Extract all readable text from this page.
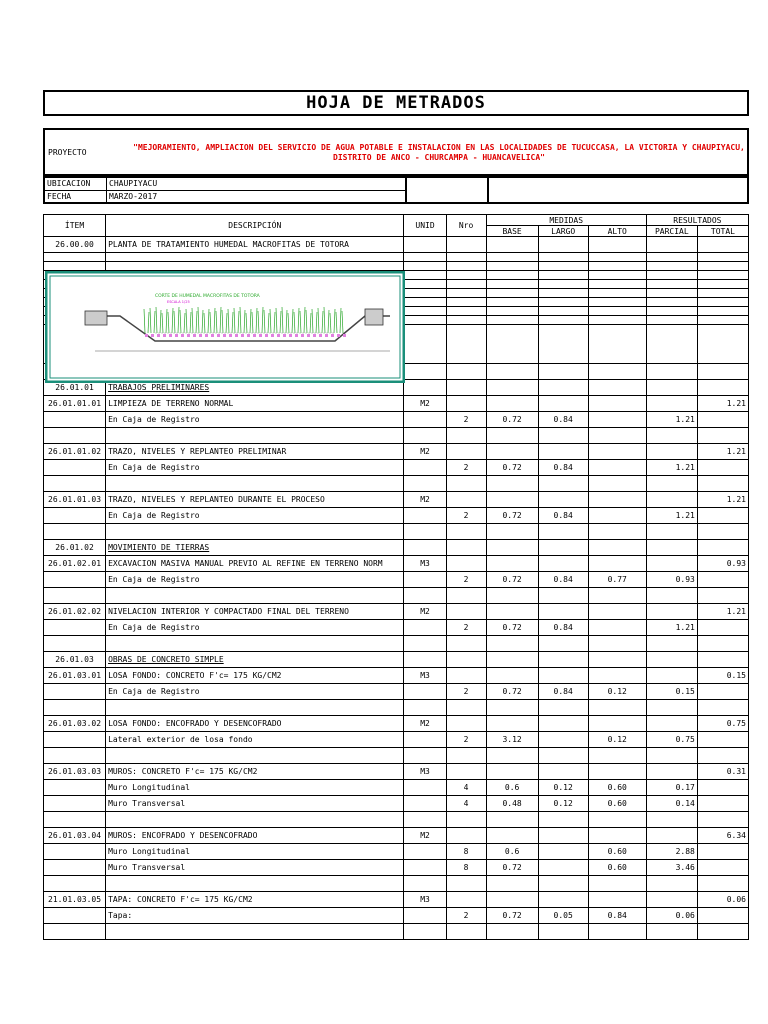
HOJA DE METRADOS
PROYECTO
"MEJORAMIENTO, AMPLIACION DEL SERVICIO DE AGUA POTABLE E INSTALACION EN LAS LOCALIDADES DE TUCUCCASA, LA VICTORIA Y CHAUPIYACU, DISTRITO DE ANCO - CHURCAMPA - HUANCAVELICA"
UBICACION CHAUPIYACU
FECHA	MARZO-2017
ÍTEM	DESCRIPCIÓN	UNID	Nro	MEDIDAS			RESULTADOS	
				BASE	LARGO	ALTO	PARCIAL	TOTAL
26.00.00	PLANTA DE TRATAMIENTO HUMEDAL MACROFITAS DE TOTORA							

26.01.01	TRABAJOS PRELIMINARES							
26.01.01.01	LIMPIEZA DE TERRENO NORMAL	M2						1.21
	En Caja de Registro		2	0.72	0.84		1.21	

26.01.01.02	TRAZO, NIVELES Y REPLANTEO PRELIMINAR	M2						1.21
	En Caja de Registro		2	0.72	0.84		1.21	

26.01.01.03	TRAZO, NIVELES Y REPLANTEO DURANTE EL PROCESO	M2						1.21
	En Caja de Registro		2	0.72	0.84		1.21	

26.01.02	MOVIMIENTO DE TIERRAS							
26.01.02.01	EXCAVACION MASIVA MANUAL PREVIO AL REFINE EN TERRENO NORM	M3						0.93
	En Caja de Registro		2	0.72	0.84	0.77	0.93	

26.01.02.02	NIVELACION INTERIOR Y COMPACTADO FINAL DEL TERRENO	M2						1.21
	En Caja de Registro		2	0.72	0.84		1.21	

26.01.03	OBRAS DE CONCRETO SIMPLE							
26.01.03.01	LOSA FONDO: CONCRETO F'c= 175 KG/CM2	M3						0.15
	En Caja de Registro		2	0.72	0.84	0.12	0.15	

26.01.03.02	LOSA FONDO: ENCOFRADO Y DESENCOFRADO	M2						0.75
	Lateral exterior de losa fondo		2	3.12		0.12	0.75	

26.01.03.03	MUROS: CONCRETO F'c= 175 KG/CM2	M3						0.31
	Muro Longitudinal		4	0.6	0.12	0.60	0.17	
	Muro Transversal		4	0.48	0.12	0.60	0.14	

26.01.03.04	MUROS: ENCOFRADO Y DESENCOFRADO	M2						6.34
	Muro Longitudinal		8	0.6		0.60	2.88	
	Muro Transversal		8	0.72		0.60	3.46	

21.01.03.05	TAPA: CONCRETO F'c= 175 KG/CM2	M3						0.06
	Tapa:		2	0.72	0.05	0.84	0.06	

CORTE DE HUMEDAL MACROFITAS DE TOTORA
ESCALA 1/25
